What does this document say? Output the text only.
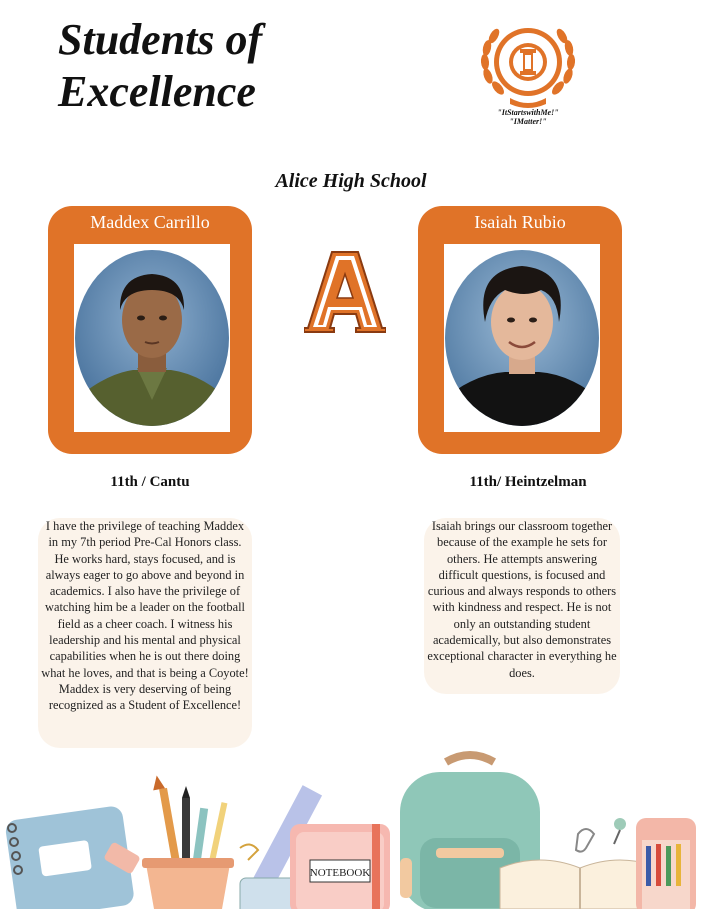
Students of
Excellence	"ItStartswithMe!"
"IMatter!"
Alice High School
Maddex Carrillo	Isaiah Rubio
11th / Cantu	11th/ Heintzelman

I have the privilege of teaching Maddex in my 7th period Pre-Cal Honors class. He works hard, stays focused, and is always eager to go above and beyond in academics. I also have the privilege of watching him be a leader on the football field as a cheer coach. I witness his leadership and his mental and physical capabilities when he is out there doing what he loves, and that is being a Coyote! Maddex is very deserving of being recognized as a Student of Excellence!

Isaiah brings our classroom together because of the example he sets for others. He attempts answering difficult questions, is focused and curious and always responds to others with kindness and respect. He is not only an outstanding student academically, but also demonstrates exceptional character in everything he does.

NOTEBOOK
